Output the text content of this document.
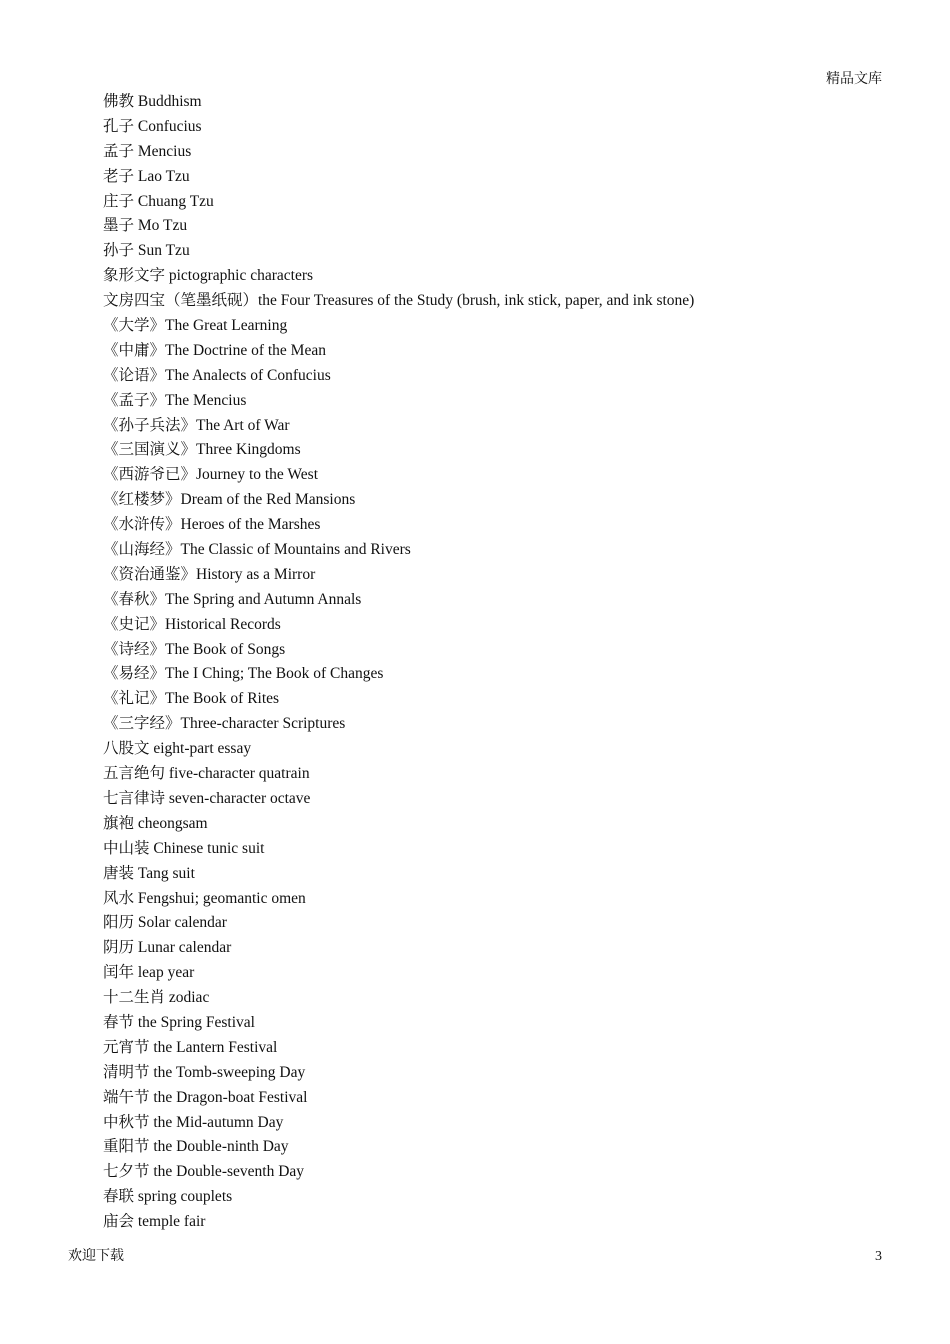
精品文库
佛教 Buddhism
孔子 Confucius
孟子 Mencius
老子 Lao Tzu
庄子 Chuang Tzu
墨子 Mo Tzu
孙子 Sun Tzu
象形文字 pictographic characters
文房四宝（笔墨纸砚）the Four Treasures of the Study (brush, ink stick, paper, and ink stone)
《大学》The Great Learning
《中庸》The Doctrine of the Mean
《论语》The Analects of Confucius
《孟子》The Mencius
《孙子兵法》The Art of War
《三国演义》Three Kingdoms
《西游爷已》Journey to the West
《红楼梦》Dream of the Red Mansions
《水浒传》Heroes of the Marshes
《山海经》The Classic of Mountains and Rivers
《资治通鉴》History as a Mirror
《春秋》The Spring and Autumn Annals
《史记》Historical Records
《诗经》The Book of Songs
《易经》The I Ching; The Book of Changes
《礼记》The Book of Rites
《三字经》Three-character Scriptures
八股文 eight-part essay
五言绝句 five-character quatrain
七言律诗 seven-character octave
旗袍 cheongsam
中山装 Chinese tunic suit
唐装 Tang suit
风水 Fengshui; geomantic omen
阳历 Solar calendar
阴历 Lunar calendar
闰年 leap year
十二生肖 zodiac
春节 the Spring Festival
元宵节 the Lantern Festival
清明节 the Tomb-sweeping Day
端午节 the Dragon-boat Festival
中秋节 the Mid-autumn Day
重阳节 the Double-ninth Day
七夕节 the Double-seventh Day
春联 spring couplets
庙会 temple fair
欢迎下载	3
